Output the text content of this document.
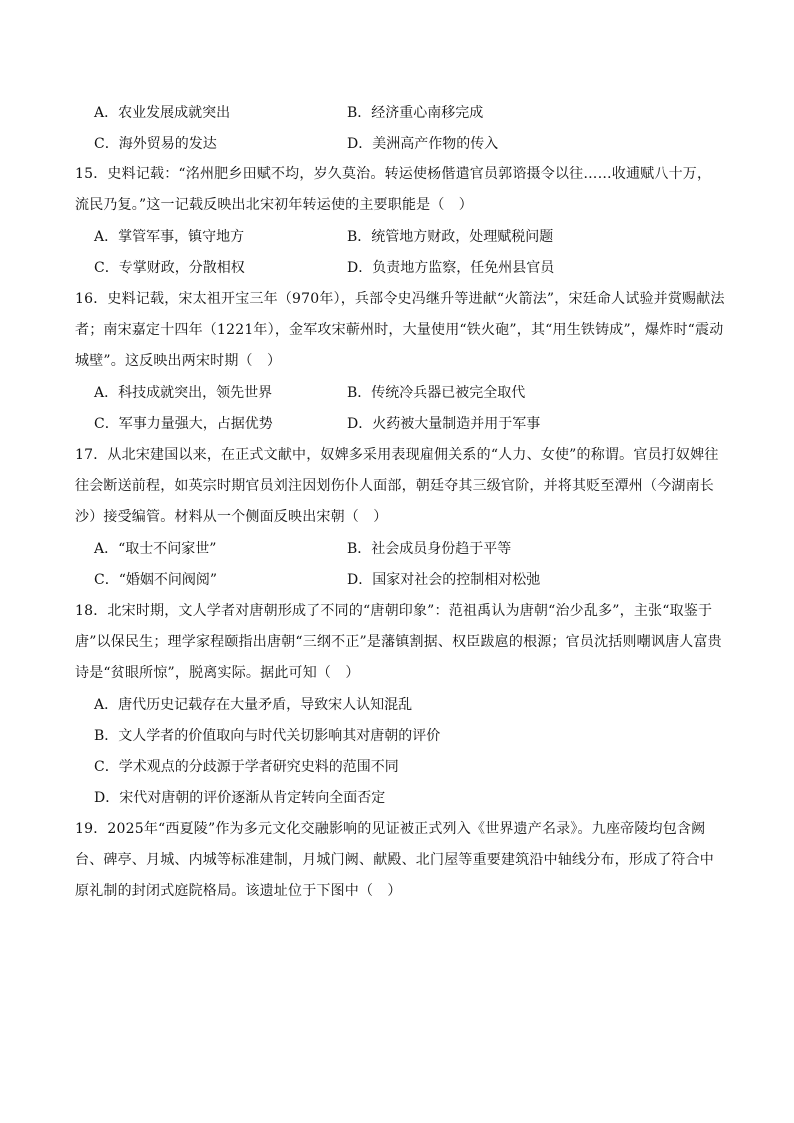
A．农业发展成就突出	B．经济重心南移完成

C．海外贸易的发达	D．美洲高产作物的传入

15．史料记载：“洺州肥乡田赋不均，岁久莫治。转运使杨偕遣官员郭谘摄令以往……收逋赋八十万，流民乃复。”这一记载反映出北宋初年转运使的主要职能是（　）

A．掌管军事，镇守地方	B．统管地方财政，处理赋税问题

C．专掌财政，分散相权	D．负责地方监察，任免州县官员

16．史料记载，宋太祖开宝三年（970年），兵部令史冯继升等进献“火箭法”，宋廷命人试验并赏赐献法者；南宋嘉定十四年（1221年），金军攻宋蕲州时，大量使用“铁火砲”，其“用生铁铸成”，爆炸时“震动城壁”。这反映出两宋时期（　）

A．科技成就突出，领先世界	B．传统冷兵器已被完全取代

C．军事力量强大，占据优势	D．火药被大量制造并用于军事

17．从北宋建国以来，在正式文献中，奴婢多采用表现雇佣关系的“人力、女使”的称谓。官员打奴婢往往会断送前程，如英宗时期官员刘注因划伤仆人面部，朝廷夺其三级官阶，并将其贬至潭州（今湖南长沙）接受编管。材料从一个侧面反映出宋朝（　）

A．“取士不问家世”	B．社会成员身份趋于平等

C．“婚姻不问阀阅”	D．国家对社会的控制相对松弛

18．北宋时期，文人学者对唐朝形成了不同的“唐朝印象”：范祖禹认为唐朝“治少乱多”，主张“取鉴于唐”以保民生；理学家程颐指出唐朝“三纲不正”是藩镇割据、权臣跋扈的根源；官员沈括则嘲讽唐人富贵诗是“贫眼所惊”，脱离实际。据此可知（　）

A．唐代历史记载存在大量矛盾，导致宋人认知混乱

B．文人学者的价值取向与时代关切影响其对唐朝的评价

C．学术观点的分歧源于学者研究史料的范围不同

D．宋代对唐朝的评价逐渐从肯定转向全面否定

19．2025年“西夏陵”作为多元文化交融影响的见证被正式列入《世界遗产名录》。九座帝陵均包含阙台、碑亭、月城、内城等标准建制，月城门阙、献殿、北门屋等重要建筑沿中轴线分布，形成了符合中原礼制的封闭式庭院格局。该遗址位于下图中（　）
